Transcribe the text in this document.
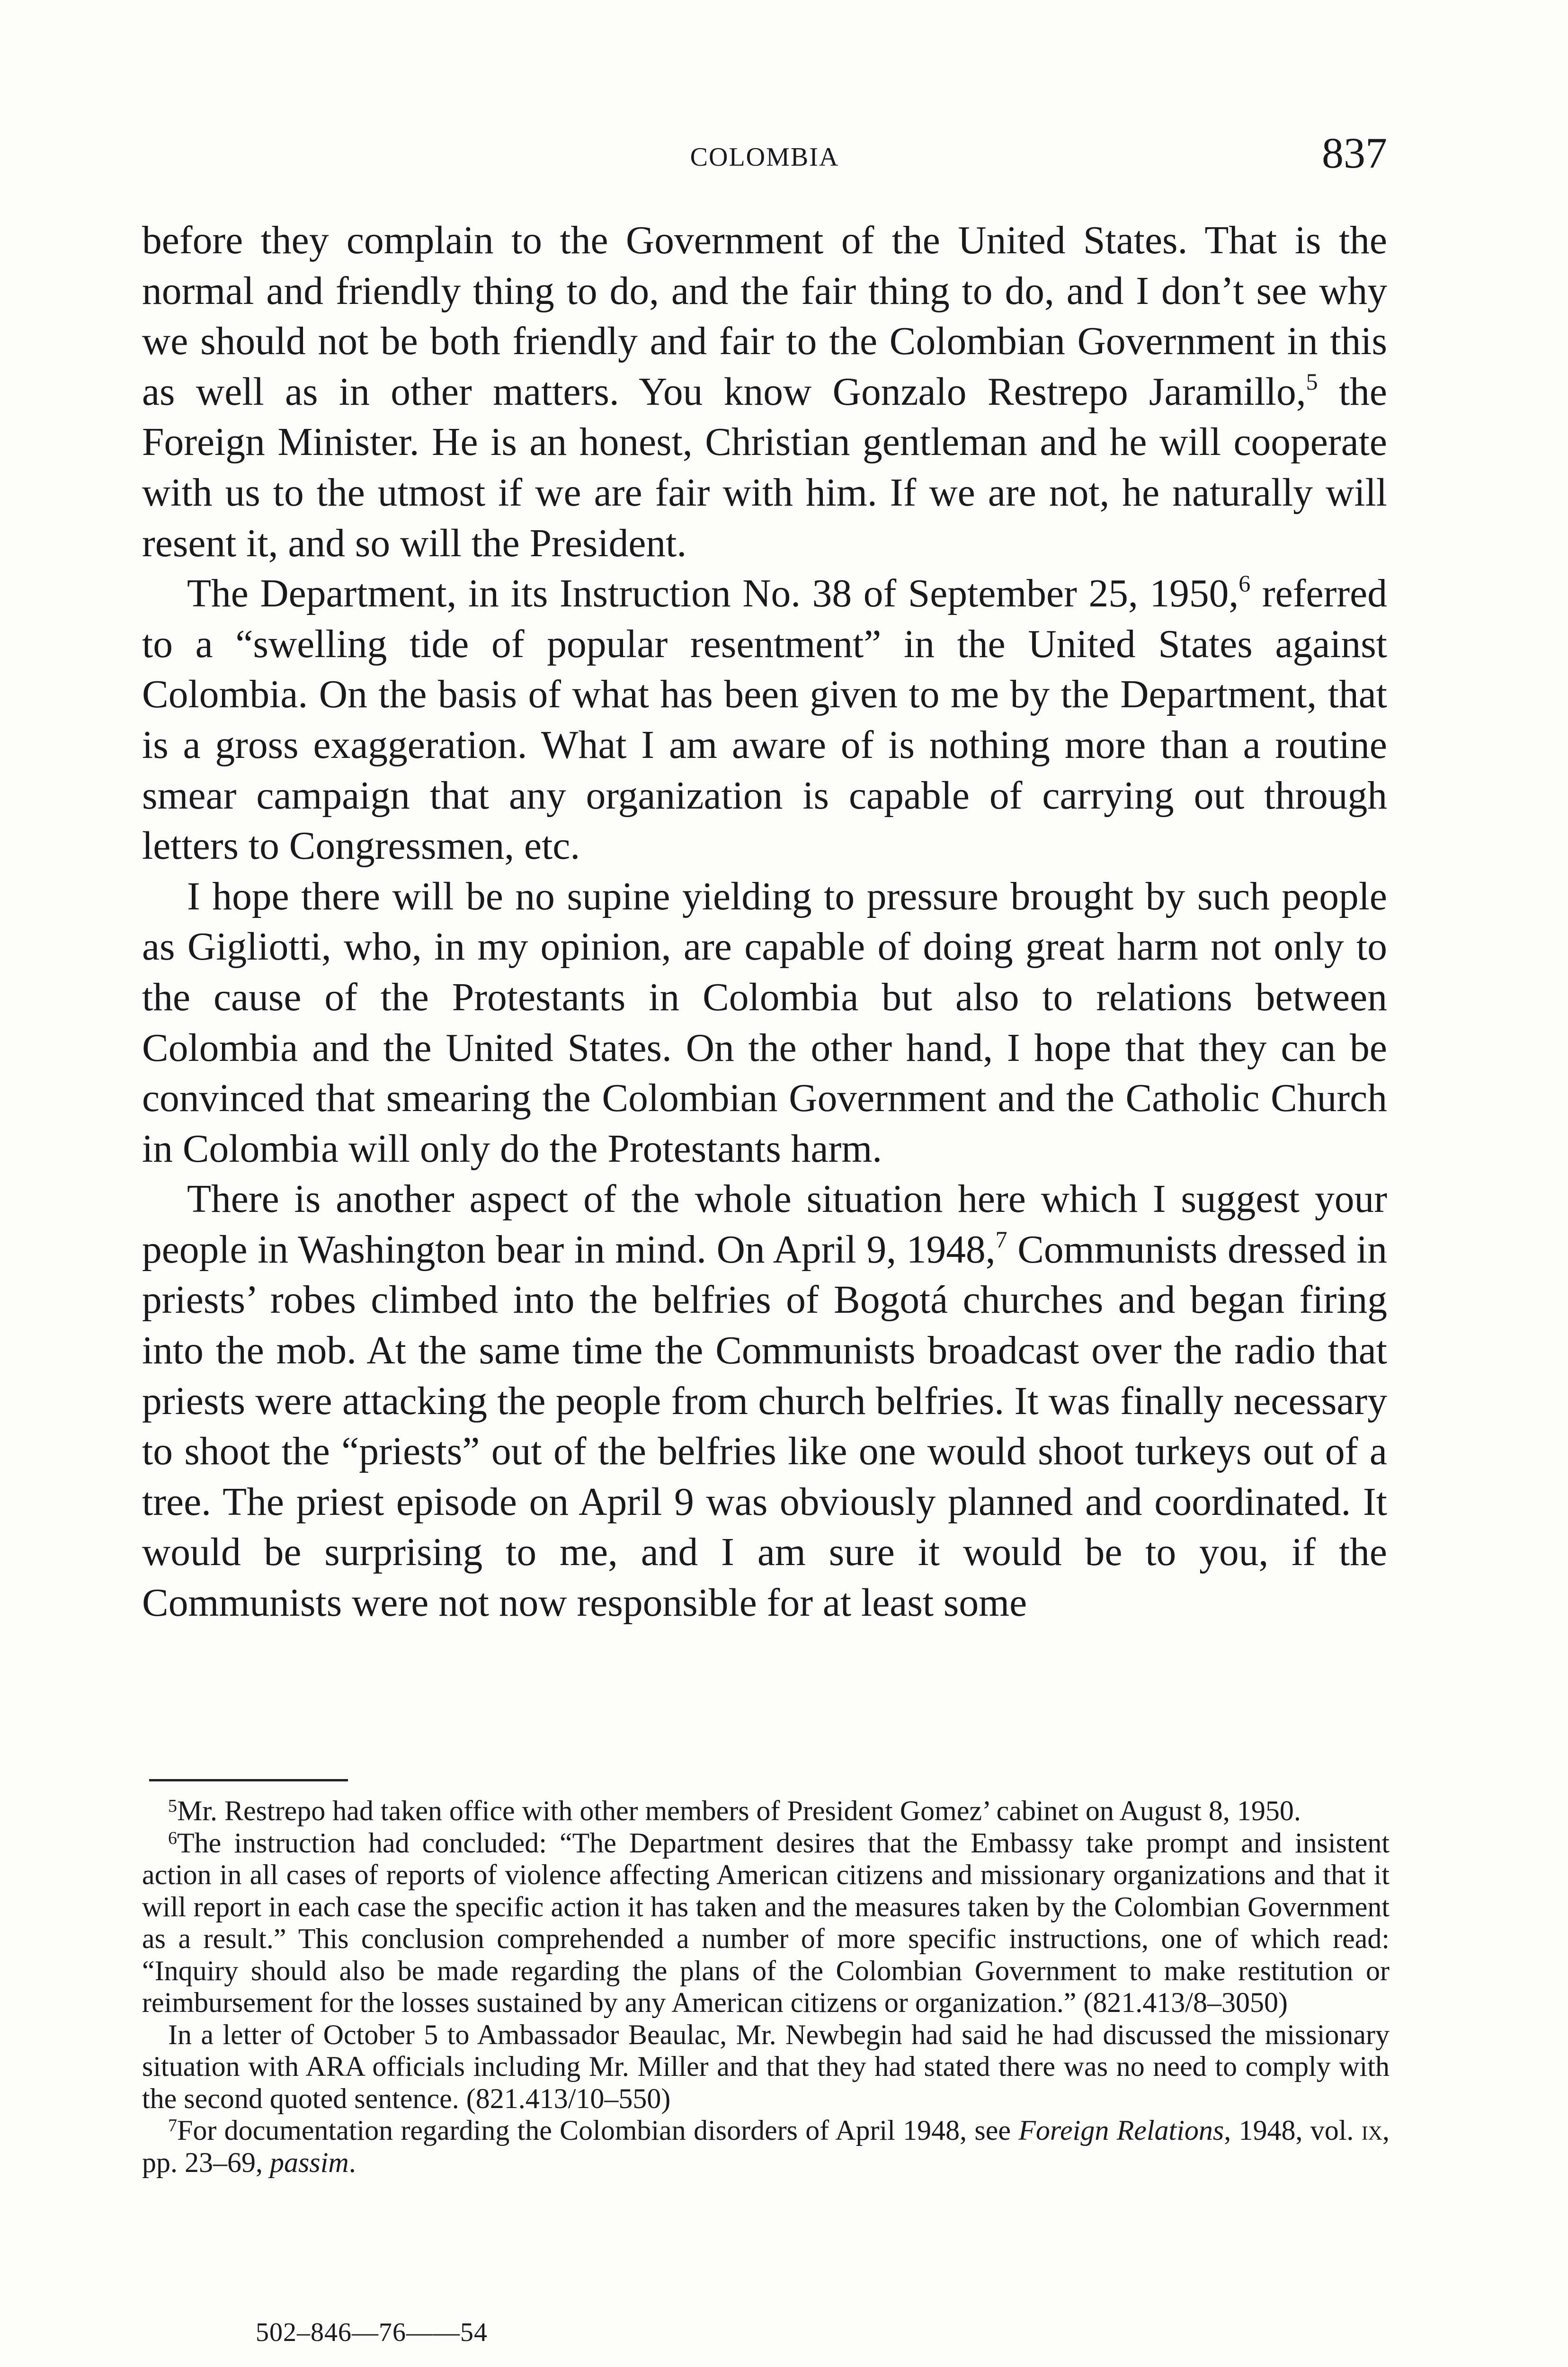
COLOMBIA	837

before they complain to the Government of the United States. That is the normal and friendly thing to do, and the fair thing to do, and I don’t see why we should not be both friendly and fair to the Colombian Government in this as well as in other matters. You know Gonzalo Restrepo Jaramillo,$^5$ the Foreign Minister. He is an honest, Christian gentleman and he will cooperate with us to the utmost if we are fair with him. If we are not, he naturally will resent it, and so will the President.

The Department, in its Instruction No. 38 of September 25, 1950,$^6$ referred to a “swelling tide of popular resentment” in the United States against Colombia. On the basis of what has been given to me by the Department, that is a gross exaggeration. What I am aware of is nothing more than a routine smear campaign that any organization is capable of carrying out through letters to Congressmen, etc.

I hope there will be no supine yielding to pressure brought by such people as Gigliotti, who, in my opinion, are capable of doing great harm not only to the cause of the Protestants in Colombia but also to relations between Colombia and the United States. On the other hand, I hope that they can be convinced that smearing the Colombian Government and the Catholic Church in Colombia will only do the Protestants harm.

There is another aspect of the whole situation here which I suggest your people in Washington bear in mind. On April 9, 1948,$^7$ Communists dressed in priests’ robes climbed into the belfries of Bogotá churches and began firing into the mob. At the same time the Communists broadcast over the radio that priests were attacking the people from church belfries. It was finally necessary to shoot the “priests” out of the belfries like one would shoot turkeys out of a tree. The priest episode on April 9 was obviously planned and coordinated. It would be surprising to me, and I am sure it would be to you, if the Communists were not now responsible for at least some

$^5$Mr. Restrepo had taken office with other members of President Gomez’ cabinet on August 8, 1950.

$^6$The instruction had concluded: “The Department desires that the Embassy take prompt and insistent action in all cases of reports of violence affecting American citizens and missionary organizations and that it will report in each case the specific action it has taken and the measures taken by the Colombian Government as a result.” This conclusion comprehended a number of more specific instructions, one of which read: “Inquiry should also be made regarding the plans of the Colombian Government to make restitution or reimbursement for the losses sustained by any American citizens or organization.” (821.413/8–3050)

In a letter of October 5 to Ambassador Beaulac, Mr. Newbegin had said he had discussed the missionary situation with ARA officials including Mr. Miller and that they had stated there was no need to comply with the second quoted sentence. (821.413/10–550)

$^7$For documentation regarding the Colombian disorders of April 1948, see Foreign Relations, 1948, vol. ix, pp. 23–69, passim.

502–846—76——54
